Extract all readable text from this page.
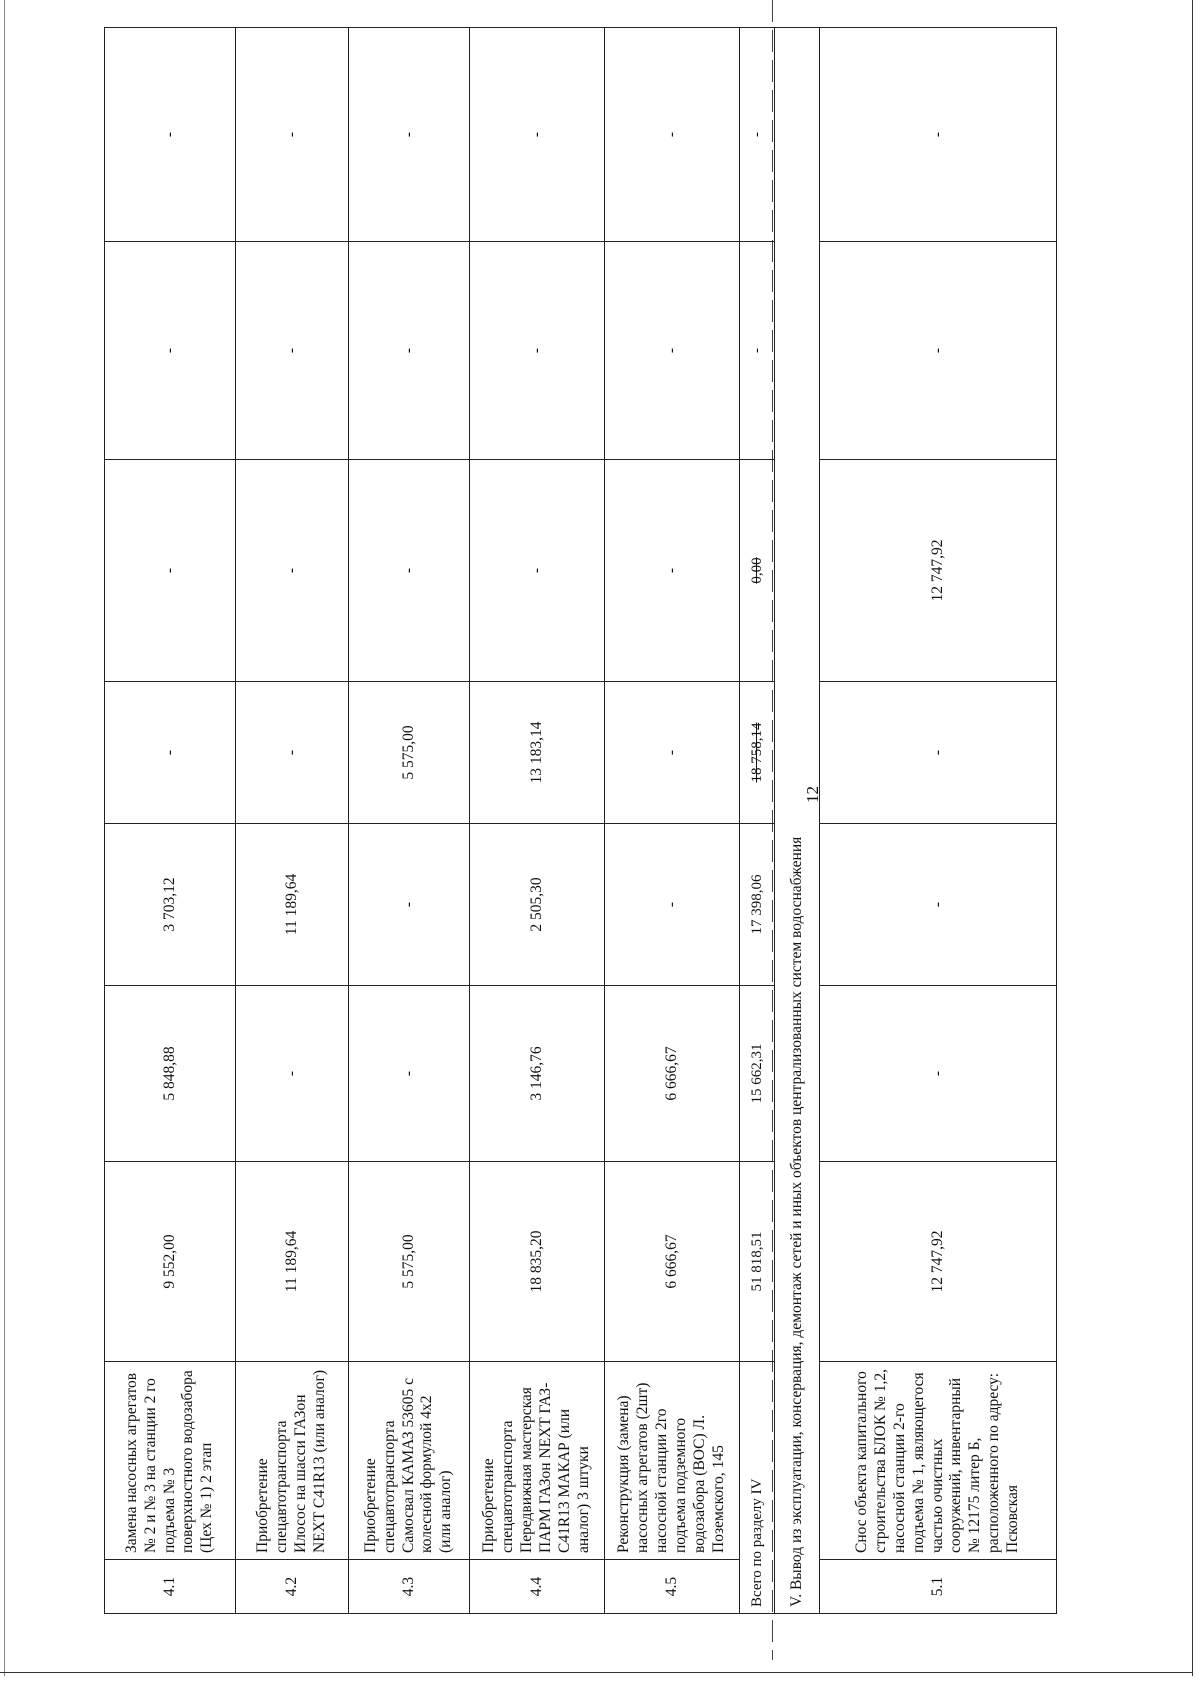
12
4.1	Замена насосных агрегатов № 2 и № 3 на станции 2 го подъема № 3 поверхностного водозабора (Цех № 1) 2 этап	9 552,00	5 848,88	3 703,12	-	-	-	-
4.2	Приобретение спецавтотранспорта Илосос на шасси ГАЗон NEXT C41R13 (или аналог)	11 189,64	-	11 189,64	-	-	-	-
4.3	Приобретение спецавтотранспорта Самосвал КАМАЗ 53605 с колесной формулой 4х2 (или аналог)	5 575,00	-	-	5 575,00	-	-	-
4.4	Приобретение спецавтотранспорта Передвижная мастерская ПАРМ ГАЗон NEXT ГАЗ-С41R13 МАКАР (или аналог) 3 штуки	18 835,20	3 146,76	2 505,30	13 183,14	-	-	-
4.5	Реконструкция (замена) насосных агрегатов (2шт) насосной станции 2го подъема подземного водозабора (ВОС) Л. Поземского, 145	6 666,67	6 666,67	-	-	-	-	-
Всего по разделу IV		51 818,51	15 662,31	17 398,06	18 758,14	0,00	-	-
V. Вывод из эксплуатации, консервация, демонтаж сетей и иных объектов централизованных систем водоснабжения								
5.1	Снос объекта капитального строительства БЛОК № 1,2, насосной станции 2-го подъема № 1, являющегося частью очистных сооружений, инвентарный № 12175 литер Б, расположенного по адресу: Псковская	12 747,92	-	-	-	12 747,92	-	-
